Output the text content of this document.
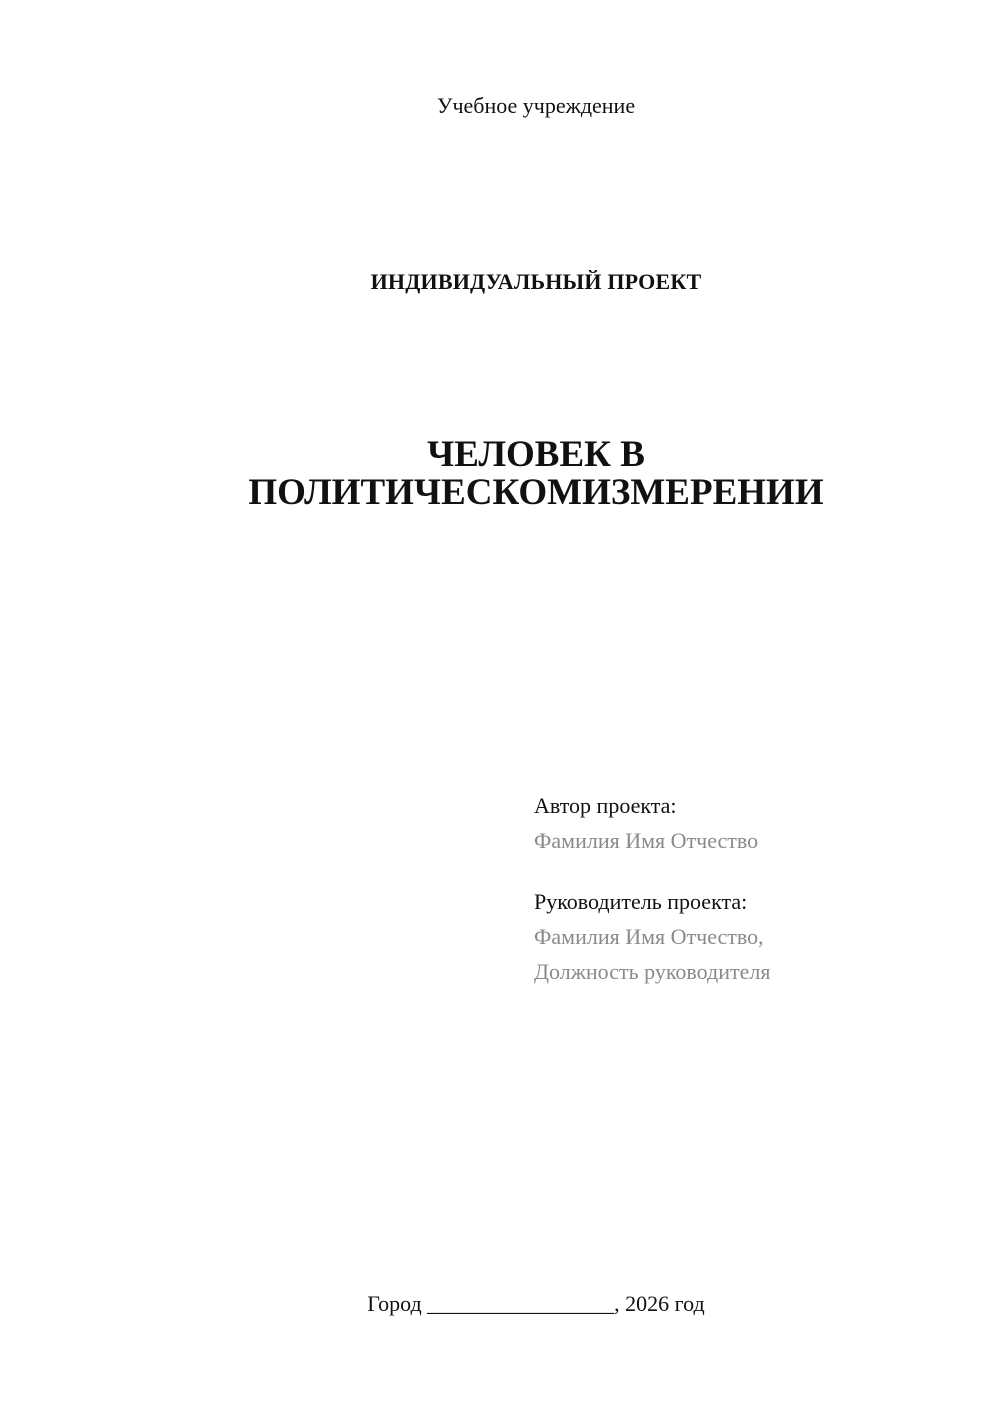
Учебное учреждение
ИНДИВИДУАЛЬНЫЙ ПРОЕКТ
ЧЕЛОВЕК В
ПОЛИТИЧЕСКОМИЗМЕРЕНИИ
Автор проекта:
Фамилия Имя Отчество
Руководитель проекта:
Фамилия Имя Отчество,
Должность руководителя
Город _________________, 2026 год
